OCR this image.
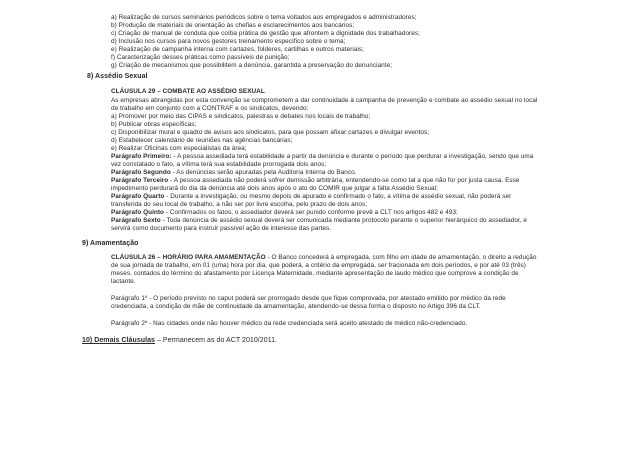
a) Realização de cursos seminários periódicos sobre o tema voltados aos empregados e administradores;
b) Produção de materiais de orientação às chefias e esclarecimentos aos bancários;
c) Criação de manual de conduta que coíba prática de gestão que afrontem a dignidade dos trabalhadores;
d) Inclusão nos cursos para novos gestores treinamento específico sobre o tema;
e) Realização de campanha interna com cartazes, folderes, cartilhas e outros materiais;
f) Caracterização desses práticas como passíveis de punição;
g) Criação de mecanismos que possibilitem a denúncia, garantida a preservação do denunciante;
8) Assédio Sexual
CLÁUSULA 29 – COMBATE AO ASSÉDIO SEXUAL
As empresas abrangidas por esta convenção se comprometem a dar continuidade à campanha de prevenção e combate ao assédio sexual no local
de trabalho em conjunto com a CONTRAF e os sindicatos, devendo:
a) Promover por meio das CIPAS e sindicatos, palestras e debates nos locais de trabalho;
b) Publicar obras específicas;
c) Disponibilizar mural e quadro de avisos aos sindicatos, para que possam afixar cartazes e divulgar eventos;
d) Estabelecer calendário de reuniões nas agências bancárias;
e) Realizar Oficinas com especialistas da área;
Parágrafo Primeiro: - A pessoa assediada terá estabilidade a partir da denúncia e durante o período que perdurar a investigação, sendo que uma
vez constatado o fato, a vítima terá sua estabilidade prorrogada dois anos;
Parágrafo Segundo - As denúncias serão apuradas pela Auditoria Interna do Banco.
Parágrafo Terceiro - A pessoa assediada não poderá sofrer demissão arbitrária, entendendo-se como tal a que não for por justa causa. Esse
impedimento perdurará do dia da denúncia até dois anos após o ato do COMIR que julgar a falta Assédio Sexual;
Parágrafo Quarto - Durante a investigação, ou mesmo depois de apurado e confirmado o fato, a vítima de assédio sexual, não poderá ser
transferida do seu local de trabalho, a não ser por livre escolha, pelo prazo de dois anos;
Parágrafo Quinto - Confirmados os fatos, o assediador deverá ser punido conforme prevê a CLT nos artigos 482 e 493;
Parágrafo Sexto - Toda denúncia de assédio sexual deverá ser comunicada mediante protocolo perante o superior hierárquico do assediador, e
servirá como documento para instruir passível ação de interesse das partes.
9) Amamentação
CLÁUSULA 26 – HORÁRIO PARA AMAMENTAÇÃO - O Banco concederá à empregada, com filho em idade de amamentação, o direito a redução
de sua jornada de trabalho, em 01 (uma) hora por dia, que poderá, a critério da empregada, ser fracionada em dois períodos, e por até 03 (três)
meses, contados do término do afastamento por Licença Maternidade, mediante apresentação de laudo médico que comprove a condição de
lactante.
Parágrafo 1º - O período previsto no caput poderá ser prorrogado desde que fique comprovada, por atestado emitido por médico da rede
credenciada, a condição de mãe de continuidade da amamentação, atendendo-se dessa forma o disposto no Artigo 396 da CLT.
Parágrafo 2º - Nas cidades onde não houver médico da rede credenciada será aceito atestado de médico não-credenciado.
10) Demais Cláusulas – Permanecem as do ACT 2010/2011.
